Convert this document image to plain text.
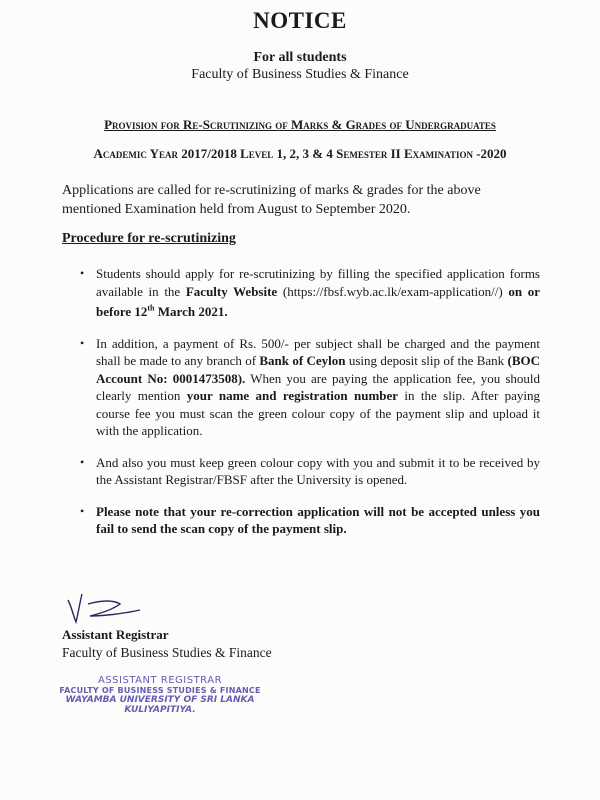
NOTICE
For all students
Faculty of Business Studies & Finance
Provision for Re-Scrutinizing of Marks & Grades of Undergraduates
Academic Year 2017/2018 Level 1, 2, 3 & 4 Semester II Examination -2020
Applications are called for re-scrutinizing of marks & grades for the above mentioned Examination held from August to September 2020.
Procedure for re-scrutinizing
• Students should apply for re-scrutinizing by filling the specified application forms available in the Faculty Website (https://fbsf.wyb.ac.lk/exam-application//) on or before 12th March 2021.
• In addition, a payment of Rs. 500/- per subject shall be charged and the payment shall be made to any branch of Bank of Ceylon using deposit slip of the Bank (BOC Account No: 0001473508). When you are paying the application fee, you should clearly mention your name and registration number in the slip. After paying course fee you must scan the green colour copy of the payment slip and upload it with the application.
• And also you must keep green colour copy with you and submit it to be received by the Assistant Registrar/FBSF after the University is opened.
• Please note that your re-correction application will not be accepted unless you fail to send the scan copy of the payment slip.
Assistant Registrar
Faculty of Business Studies & Finance
ASSISTANT REGISTRAR
FACULTY OF BUSINESS STUDIES & FINANCE
WAYAMBA UNIVERSITY OF SRI LANKA
KULIYAPITIYA.
